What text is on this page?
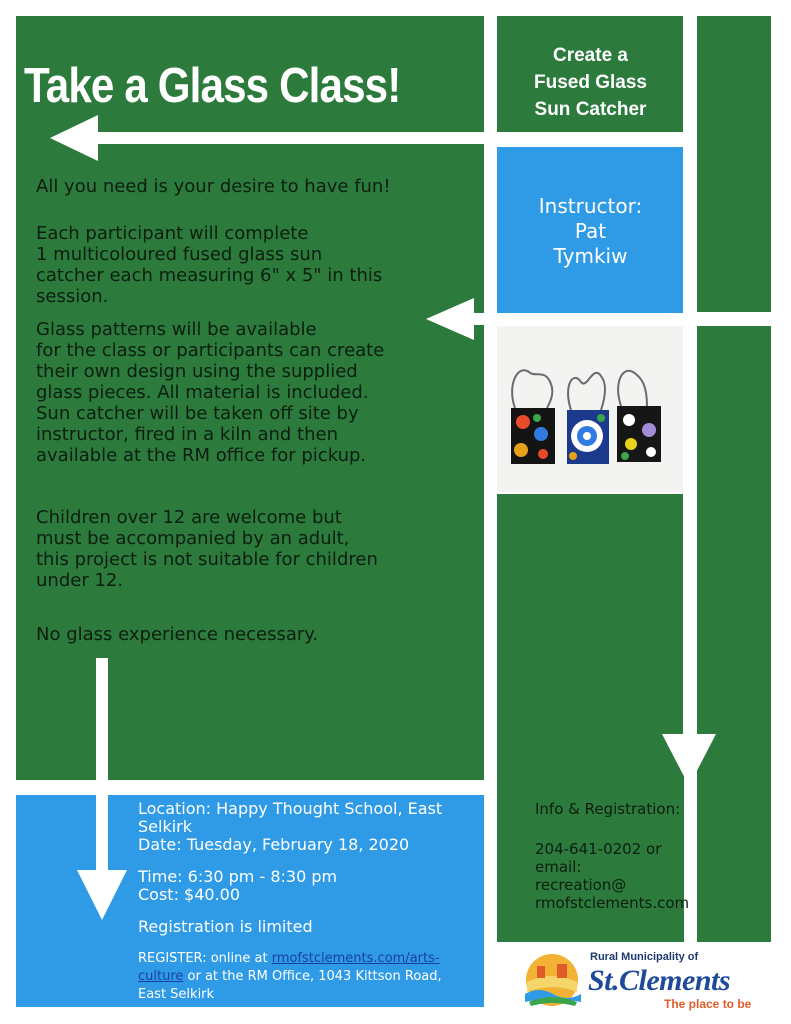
Take a Glass Class!
Create a
Fused Glass
Sun Catcher
Instructor:
Pat
Tymkiw
All you need is your desire to have fun!
Each participant will complete
1 multicoloured fused glass sun
catcher each measuring 6" x 5" in this
session.
Glass patterns will be available
for the class or participants can create
their own design using the supplied
glass pieces. All material is included.
Sun catcher will be taken off site by
instructor, fired in a kiln and then
available at the RM office for pickup.
Children over 12 are welcome but
must be accompanied by an adult,
this project is not suitable for children
under 12.
No glass experience necessary.
Location: Happy Thought School, East
Selkirk
Date: Tuesday, February 18, 2020
Time: 6:30 pm - 8:30 pm
Cost: $40.00
Registration is limited
REGISTER: online at rmofstclements.com/arts-
culture or at the RM Office, 1043 Kittson Road,
East Selkirk
Info & Registration:
204-641-0202 or
email:
recreation@
rmofstclements.com
Rural Municipality of
St.Clements
The place to be
